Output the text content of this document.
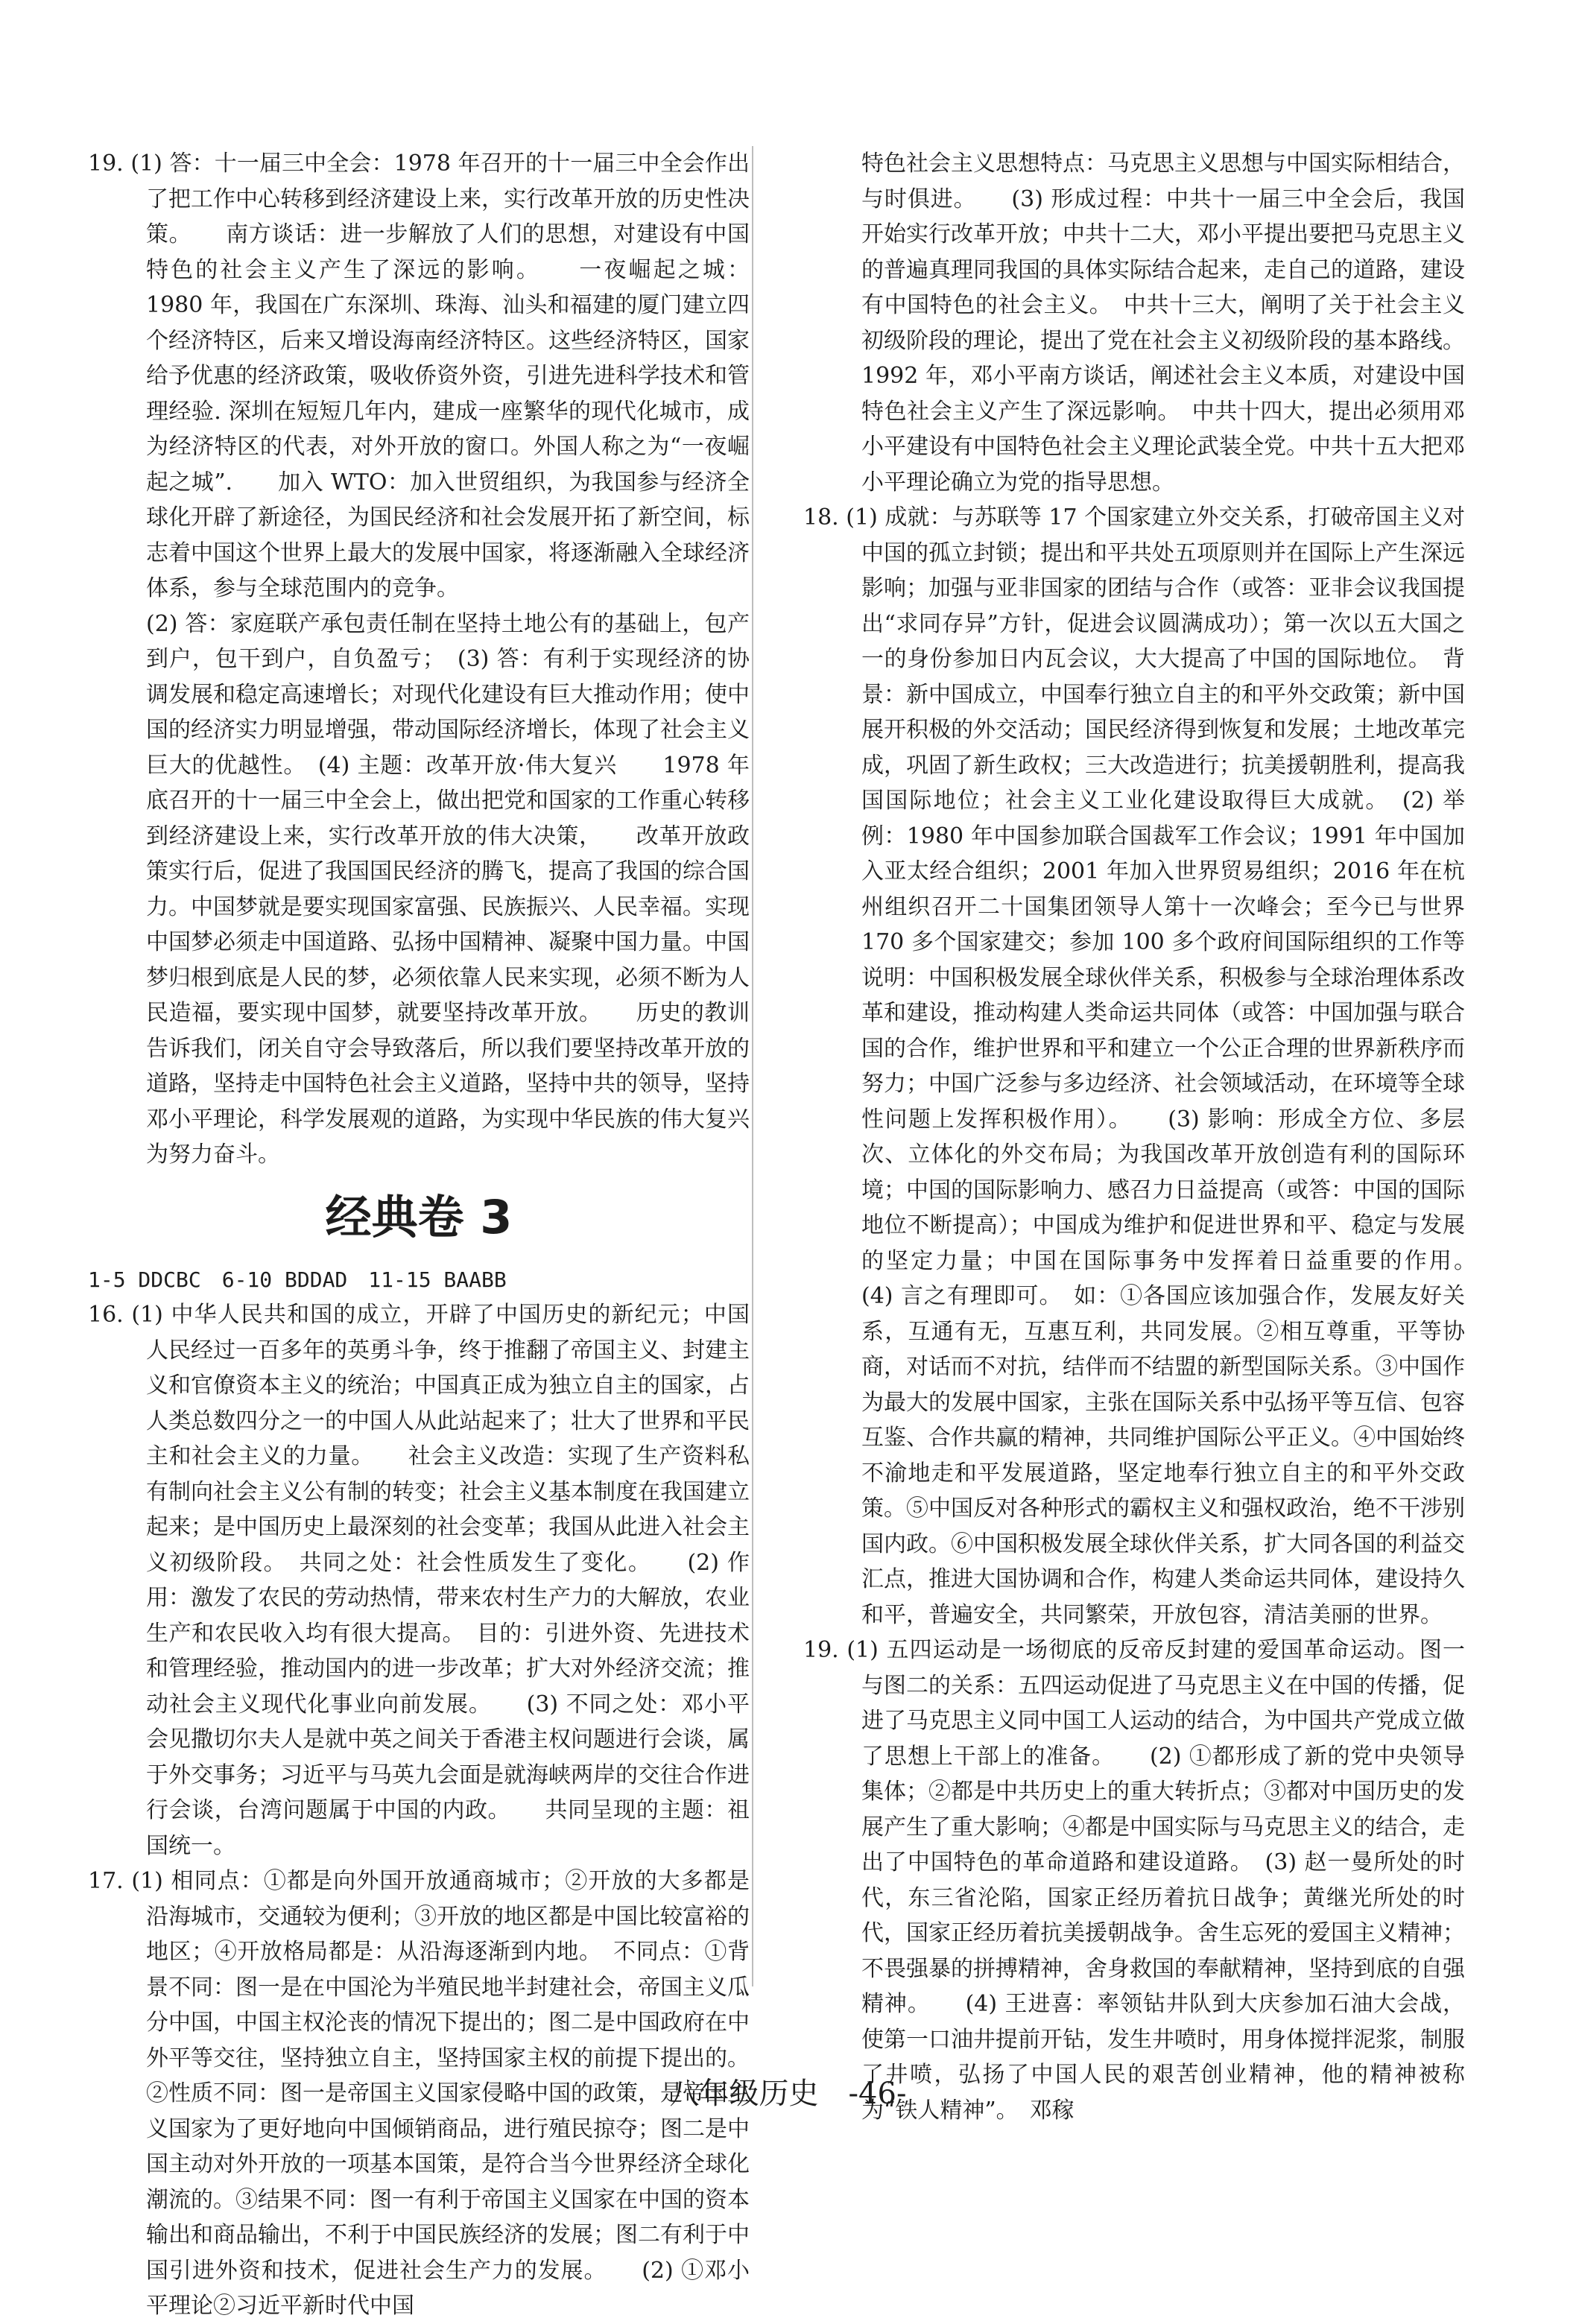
19. (1) 答：十一届三中全会：1978 年召开的十一届三中全会作出了把工作中心转移到经济建设上来，实行改革开放的历史性决策。　　南方谈话：进一步解放了人们的思想，对建设有中国特色的社会主义产生了深远的影响。　　一夜崛起之城：1980 年，我国在广东深圳、珠海、汕头和福建的厦门建立四个经济特区，后来又增设海南经济特区。这些经济特区，国家给予优惠的经济政策，吸收侨资外资，引进先进科学技术和管理经验. 深圳在短短几年内，建成一座繁华的现代化城市，成为经济特区的代表，对外开放的窗口。外国人称之为“一夜崛起之城”.　　加入 WTO：加入世贸组织，为我国参与经济全球化开辟了新途径，为国民经济和社会发展开拓了新空间，标志着中国这个世界上最大的发展中国家，将逐渐融入全球经济体系，参与全球范围内的竞争。

(2) 答：家庭联产承包责任制在坚持土地公有的基础上，包产到户，包干到户，自负盈亏；　(3) 答：有利于实现经济的协调发展和稳定高速增长；对现代化建设有巨大推动作用；使中国的经济实力明显增强，带动国际经济增长，体现了社会主义巨大的优越性。　(4) 主题：改革开放·伟大复兴　　1978 年底召开的十一届三中全会上，做出把党和国家的工作重心转移到经济建设上来，实行改革开放的伟大决策，　　改革开放政策实行后，促进了我国国民经济的腾飞，提高了我国的综合国力。中国梦就是要实现国家富强、民族振兴、人民幸福。实现中国梦必须走中国道路、弘扬中国精神、凝聚中国力量。中国梦归根到底是人民的梦，必须依靠人民来实现，必须不断为人民造福，要实现中国梦，就要坚持改革开放。　　历史的教训告诉我们，闭关自守会导致落后，所以我们要坚持改革开放的道路，坚持走中国特色社会主义道路，坚持中共的领导，坚持邓小平理论，科学发展观的道路，为实现中华民族的伟大复兴为努力奋斗。

经典卷 3

1-5 DDCBC　6-10 BDDAD　11-15 BAABB

16. (1) 中华人民共和国的成立，开辟了中国历史的新纪元；中国人民经过一百多年的英勇斗争，终于推翻了帝国主义、封建主义和官僚资本主义的统治；中国真正成为独立自主的国家，占人类总数四分之一的中国人从此站起来了；壮大了世界和平民主和社会主义的力量。　　社会主义改造：实现了生产资料私有制向社会主义公有制的转变；社会主义基本制度在我国建立起来；是中国历史上最深刻的社会变革；我国从此进入社会主义初级阶段。　共同之处：社会性质发生了变化。　　(2) 作用：激发了农民的劳动热情，带来农村生产力的大解放，农业生产和农民收入均有很大提高。　目的：引进外资、先进技术和管理经验，推动国内的进一步改革；扩大对外经济交流；推动社会主义现代化事业向前发展。　　(3) 不同之处：邓小平会见撒切尔夫人是就中英之间关于香港主权问题进行会谈，属于外交事务；习近平与马英九会面是就海峡两岸的交往合作进行会谈，台湾问题属于中国的内政。　　共同呈现的主题：祖国统一。

17. (1) 相同点：①都是向外国开放通商城市；②开放的大多都是沿海城市，交通较为便利；③开放的地区都是中国比较富裕的地区；④开放格局都是：从沿海逐渐到内地。　不同点：①背景不同：图一是在中国沦为半殖民地半封建社会，帝国主义瓜分中国，中国主权沦丧的情况下提出的；图二是中国政府在中外平等交往，坚持独立自主，坚持国家主权的前提下提出的。②性质不同：图一是帝国主义国家侵略中国的政策，是帝国主义国家为了更好地向中国倾销商品，进行殖民掠夺；图二是中国主动对外开放的一项基本国策，是符合当今世界经济全球化潮流的。③结果不同：图一有利于帝国主义国家在中国的资本输出和商品输出，不利于中国民族经济的发展；图二有利于中国引进外资和技术，促进社会生产力的发展。　　(2) ①邓小平理论②习近平新时代中国

特色社会主义思想特点：马克思主义思想与中国实际相结合，与时俱进。　　(3) 形成过程：中共十一届三中全会后，我国开始实行改革开放；中共十二大，邓小平提出要把马克思主义的普遍真理同我国的具体实际结合起来，走自己的道路，建设有中国特色的社会主义。　中共十三大，阐明了关于社会主义初级阶段的理论，提出了党在社会主义初级阶段的基本路线。1992 年，邓小平南方谈话，阐述社会主义本质，对建设中国特色社会主义产生了深远影响。　中共十四大，提出必须用邓小平建设有中国特色社会主义理论武装全党。中共十五大把邓小平理论确立为党的指导思想。

18. (1) 成就：与苏联等 17 个国家建立外交关系，打破帝国主义对中国的孤立封锁；提出和平共处五项原则并在国际上产生深远影响；加强与亚非国家的团结与合作（或答：亚非会议我国提出“求同存异”方针，促进会议圆满成功）；第一次以五大国之一的身份参加日内瓦会议，大大提高了中国的国际地位。　背景：新中国成立，中国奉行独立自主的和平外交政策；新中国展开积极的外交活动；国民经济得到恢复和发展；土地改革完成，巩固了新生政权；三大改造进行；抗美援朝胜利，提高我国国际地位；社会主义工业化建设取得巨大成就。　(2) 举例：1980 年中国参加联合国裁军工作会议；1991 年中国加入亚太经合组织；2001 年加入世界贸易组织；2016 年在杭州组织召开二十国集团领导人第十一次峰会；至今已与世界 170 多个国家建交；参加 100 多个政府间国际组织的工作等说明：中国积极发展全球伙伴关系，积极参与全球治理体系改革和建设，推动构建人类命运共同体（或答：中国加强与联合国的合作，维护世界和平和建立一个公正合理的世界新秩序而努力；中国广泛参与多边经济、社会领域活动，在环境等全球性问题上发挥积极作用）。　　(3) 影响：形成全方位、多层次、立体化的外交布局；为我国改革开放创造有利的国际环境；中国的国际影响力、感召力日益提高（或答：中国的国际地位不断提高）；中国成为维护和促进世界和平、稳定与发展的坚定力量；中国在国际事务中发挥着日益重要的作用。　　(4) 言之有理即可。　如：①各国应该加强合作，发展友好关系，互通有无，互惠互利，共同发展。②相互尊重，平等协商，对话而不对抗，结伴而不结盟的新型国际关系。③中国作为最大的发展中国家，主张在国际关系中弘扬平等互信、包容互鉴、合作共赢的精神，共同维护国际公平正义。④中国始终不渝地走和平发展道路，坚定地奉行独立自主的和平外交政策。⑤中国反对各种形式的霸权主义和强权政治，绝不干涉别国内政。⑥中国积极发展全球伙伴关系，扩大同各国的利益交汇点，推进大国协调和合作，构建人类命运共同体，建设持久和平，普遍安全，共同繁荣，开放包容，清洁美丽的世界。

19. (1) 五四运动是一场彻底的反帝反封建的爱国革命运动。图一与图二的关系：五四运动促进了马克思主义在中国的传播，促进了马克思主义同中国工人运动的结合，为中国共产党成立做了思想上干部上的准备。　　(2) ①都形成了新的党中央领导集体；②都是中共历史上的重大转折点；③都对中国历史的发展产生了重大影响；④都是中国实际与马克思主义的结合，走出了中国特色的革命道路和建设道路。　(3) 赵一曼所处的时代，东三省沦陷，国家正经历着抗日战争；黄继光所处的时代，国家正经历着抗美援朝战争。舍生忘死的爱国主义精神；不畏强暴的拼搏精神，舍身救国的奉献精神，坚持到底的自强精神。　　(4) 王进喜：率领钻井队到大庆参加石油大会战，使第一口油井提前开钻，发生井喷时，用身体搅拌泥浆，制服了井喷，弘扬了中国人民的艰苦创业精神，他的精神被称为“铁人精神”。　邓稼

八年级历史　-46-
